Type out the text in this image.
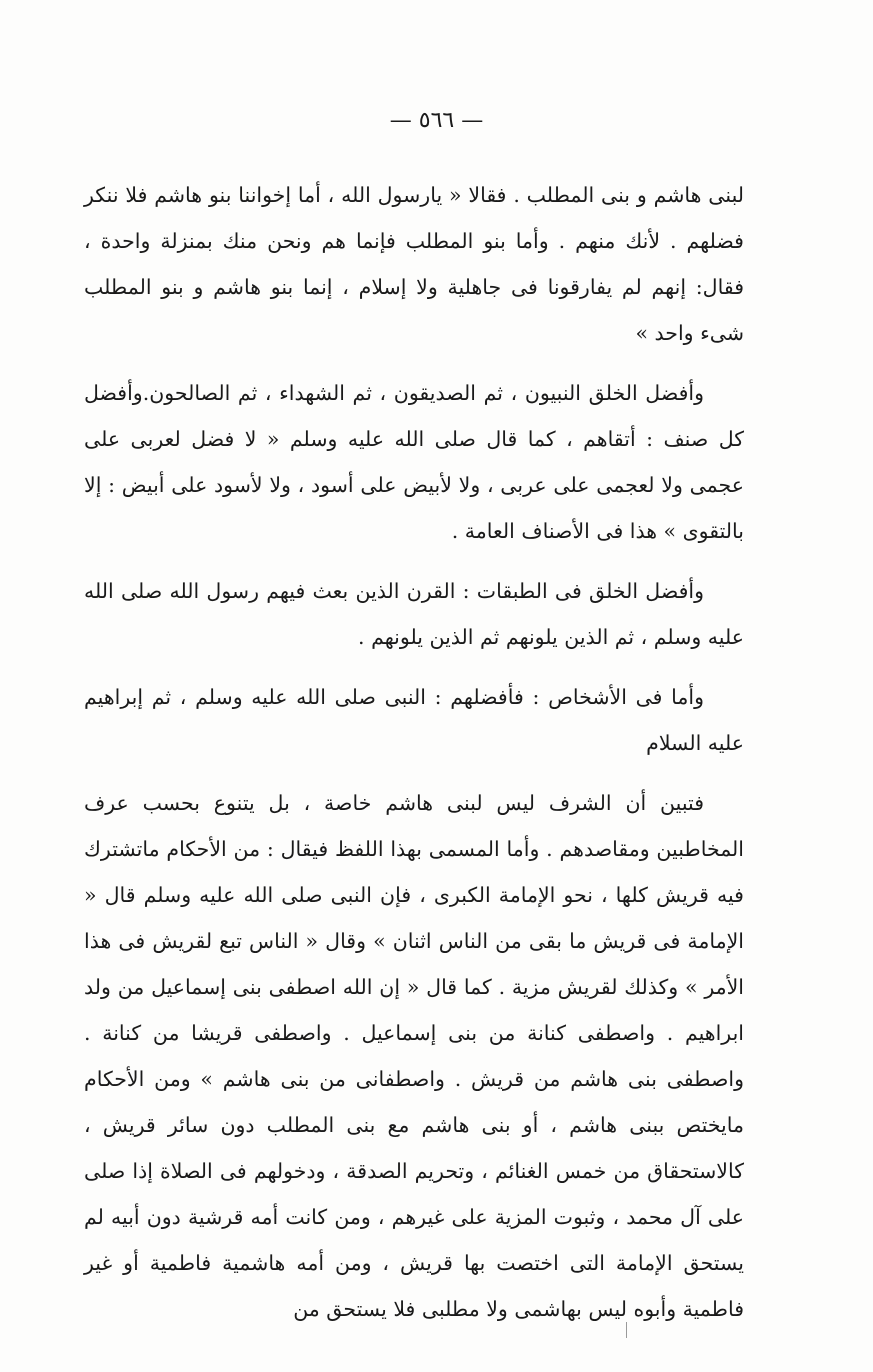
— ٥٦٦ —

لبنى هاشم و بنى المطلب . فقالا « يارسول الله ، أما إخواننا بنو هاشم فلا ننكر فضلهم . لأنك منهم . وأما بنو المطلب فإنما هم ونحن منك بمنزلة واحدة ، فقال: إنهم لم يفارقونا فى جاهلية ولا إسلام ، إنما بنو هاشم و بنو المطلب شىء واحد »

وأفضل الخلق النبيون ، ثم الصديقون ، ثم الشهداء ، ثم الصالحون.وأفضل كل صنف : أتقاهم ، كما قال صلى الله عليه وسلم « لا فضل لعربى على عجمى ولا لعجمى على عربى ، ولا لأبيض على أسود ، ولا لأسود على أبيض : إلا بالتقوى » هذا فى الأصناف العامة .

وأفضل الخلق فى الطبقات : القرن الذين بعث فيهم رسول الله صلى الله عليه وسلم ، ثم الذين يلونهم ثم الذين يلونهم .

وأما فى الأشخاص : فأفضلهم : النبى صلى الله عليه وسلم ، ثم إبراهيم عليه السلام

فتبين أن الشرف ليس لبنى هاشم خاصة ، بل يتنوع بحسب عرف المخاطبين ومقاصدهم . وأما المسمى بهذا اللفظ فيقال : من الأحكام ماتشترك فيه قريش كلها ، نحو الإمامة الكبرى ، فإن النبى صلى الله عليه وسلم قال « الإمامة فى قريش ما بقى من الناس اثنان » وقال « الناس تبع لقريش فى هذا الأمر » وكذلك لقريش مزية . كما قال « إن الله اصطفى بنى إسماعيل من ولد ابراهيم . واصطفى كنانة من بنى إسماعيل . واصطفى قريشا من كنانة . واصطفى بنى هاشم من قريش . واصطفانى من بنى هاشم » ومن الأحكام مايختص ببنى هاشم ، أو بنى هاشم مع بنى المطلب دون سائر قريش ، كالاستحقاق من خمس الغنائم ، وتحريم الصدقة ، ودخولهم فى الصلاة إذا صلى على آل محمد ، وثبوت المزية على غيرهم ، ومن كانت أمه قرشية دون أبيه لم يستحق الإمامة التى اختصت بها قريش ، ومن أمه هاشمية فاطمية أو غير فاطمية وأبوه ليس بهاشمى ولا مطلبى فلا يستحق من
